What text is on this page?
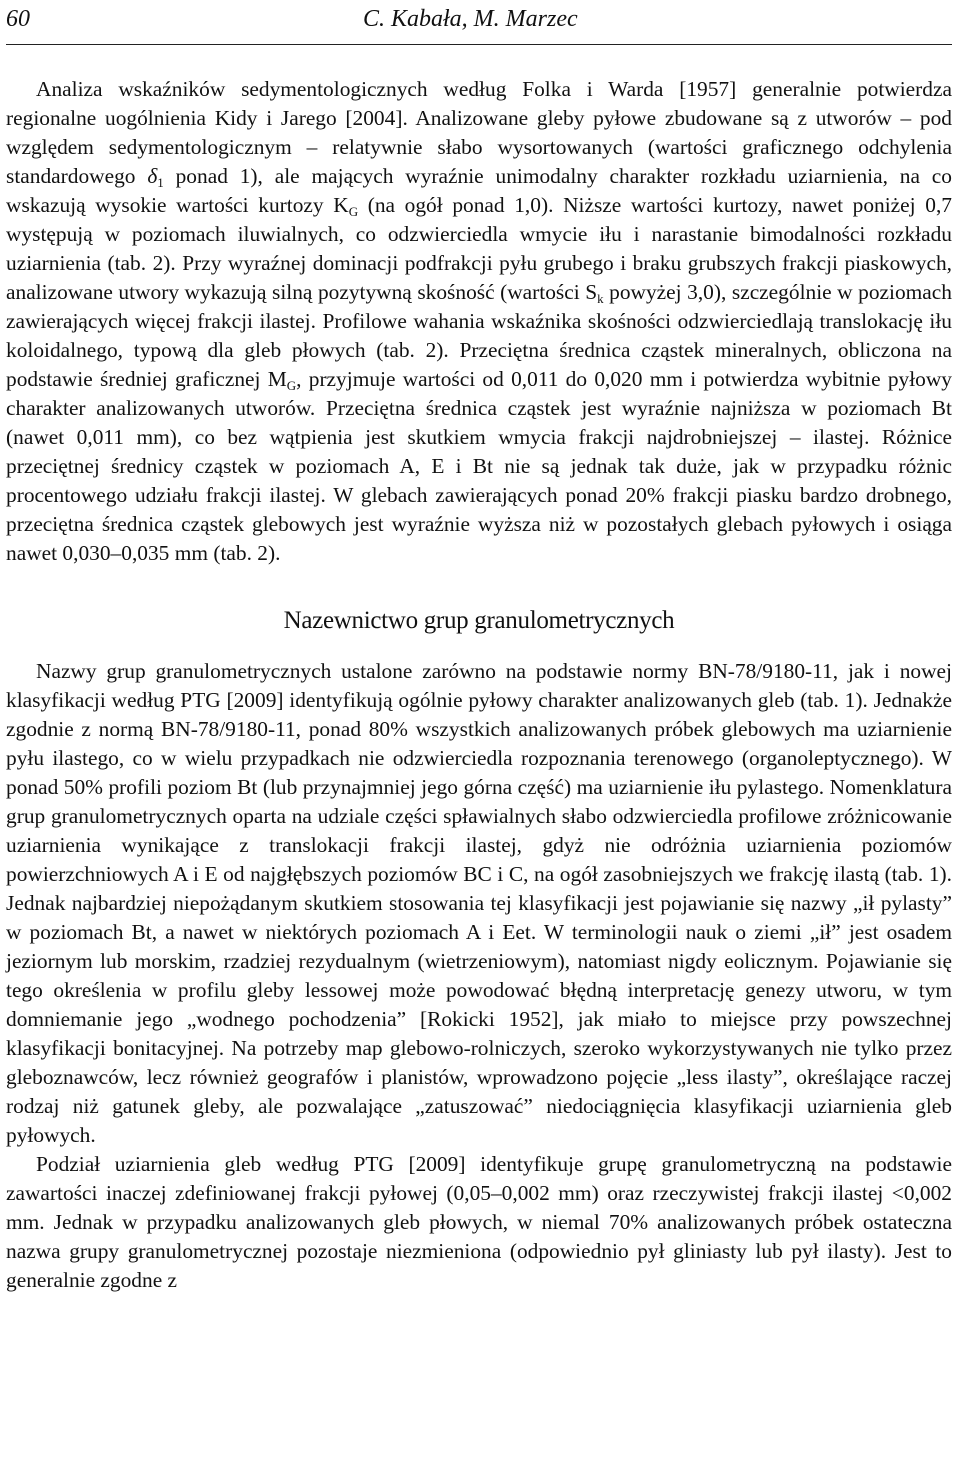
60	C. Kabała, M. Marzec

Analiza wskaźników sedymentologicznych według Folka i Warda [1957] generalnie potwierdza regionalne uogólnienia Kidy i Jarego [2004]. Analizowane gleby pyłowe zbudowane są z utworów – pod względem sedymentologicznym – relatywnie słabo wysortowanych (wartości graficznego odchylenia standardowego $\delta_1$ ponad 1), ale mających wyraźnie unimodalny charakter rozkładu uziarnienia, na co wskazują wysokie wartości kurtozy $K_G$ (na ogół ponad 1,0). Niższe wartości kurtozy, nawet poniżej 0,7 występują w poziomach iluwialnych, co odzwierciedla wmycie iłu i narastanie bimodalności rozkładu uziarnienia (tab. 2). Przy wyraźnej dominacji podfrakcji pyłu grubego i braku grubszych frakcji piaskowych, analizowane utwory wykazują silną pozytywną skośność (wartości $S_k$ powyżej 3,0), szczególnie w poziomach zawierających więcej frakcji ilastej. Profilowe wahania wskaźnika skośności odzwierciedlają translokację iłu koloidalnego, typową dla gleb płowych (tab. 2). Przeciętna średnica cząstek mineralnych, obliczona na podstawie średniej graficznej $M_G$, przyjmuje wartości od 0,011 do 0,020 mm i potwierdza wybitnie pyłowy charakter analizowanych utworów. Przeciętna średnica cząstek jest wyraźnie najniższa w poziomach Bt (nawet 0,011 mm), co bez wątpienia jest skutkiem wmycia frakcji najdrobniejszej – ilastej. Różnice przeciętnej średnicy cząstek w poziomach A, E i Bt nie są jednak tak duże, jak w przypadku różnic procentowego udziału frakcji ilastej. W glebach zawierających ponad 20% frakcji piasku bardzo drobnego, przeciętna średnica cząstek glebowych jest wyraźnie wyższa niż w pozostałych glebach pyłowych i osiąga nawet 0,030–0,035 mm (tab. 2).

Nazewnictwo grup granulometrycznych

Nazwy grup granulometrycznych ustalone zarówno na podstawie normy BN-78/9180-11, jak i nowej klasyfikacji według PTG [2009] identyfikują ogólnie pyłowy charakter analizowanych gleb (tab. 1). Jednakże zgodnie z normą BN-78/9180-11, ponad 80% wszystkich analizowanych próbek glebowych ma uziarnienie pyłu ilastego, co w wielu przypadkach nie odzwierciedla rozpoznania terenowego (organoleptycznego). W ponad 50% profili poziom Bt (lub przynajmniej jego górna część) ma uziarnienie iłu pylastego. Nomenklatura grup granulometrycznych oparta na udziale części spławialnych słabo odzwierciedla profilowe zróżnicowanie uziarnienia wynikające z translokacji frakcji ilastej, gdyż nie odróżnia uziarnienia poziomów powierzchniowych A i E od najgłębszych poziomów BC i C, na ogół zasobniejszych we frakcję ilastą (tab. 1). Jednak najbardziej niepożądanym skutkiem stosowania tej klasyfikacji jest pojawianie się nazwy „ił pylasty” w poziomach Bt, a nawet w niektórych poziomach A i Eet. W terminologii nauk o ziemi „ił” jest osadem jeziornym lub morskim, rzadziej rezydualnym (wietrzeniowym), natomiast nigdy eolicznym. Pojawianie się tego określenia w profilu gleby lessowej może powodować błędną interpretację genezy utworu, w tym domniemanie jego „wodnego pochodzenia” [Rokicki 1952], jak miało to miejsce przy powszechnej klasyfikacji bonitacyjnej. Na potrzeby map glebowo-rolniczych, szeroko wykorzystywanych nie tylko przez gleboznawców, lecz również geografów i planistów, wprowadzono pojęcie „less ilasty”, określające raczej rodzaj niż gatunek gleby, ale pozwalające „zatuszować” niedociągnięcia klasyfikacji uziarnienia gleb pyłowych.

Podział uziarnienia gleb według PTG [2009] identyfikuje grupę granulometryczną na podstawie zawartości inaczej zdefiniowanej frakcji pyłowej (0,05–0,002 mm) oraz rzeczywistej frakcji ilastej <0,002 mm. Jednak w przypadku analizowanych gleb płowych, w niemal 70% analizowanych próbek ostateczna nazwa grupy granulometrycznej pozostaje niezmieniona (odpowiednio pył gliniasty lub pył ilasty). Jest to generalnie zgodne z
